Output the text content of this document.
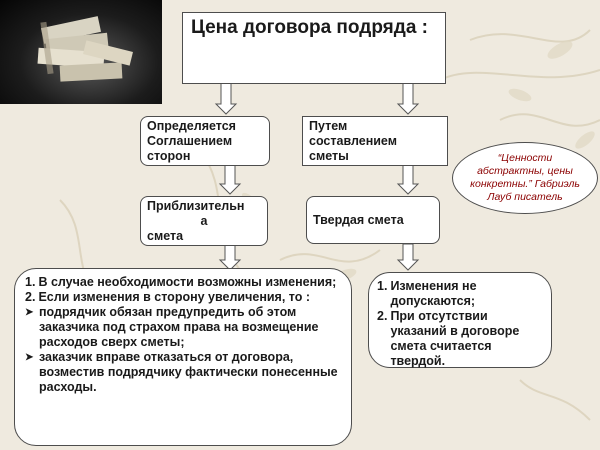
Цена договора подряда :
Определяется
Соглашением
сторон
Путем
составлением
сметы
Приблизительн
а
смета
Твердая смета
“Ценности абстрактны, цены конкретны.” Габриэль Лауб писатель
1. В случае необходимости возможны изменения;
2. Если изменения в сторону увеличения, то :
➤ подрядчик обязан предупредить об этом заказчика под страхом права на возмещение расходов сверх сметы;
➤ заказчик вправе отказаться от договора, возместив подрядчику фактически понесенные расходы.
1. Изменения не допускаются;
2. При отсутствии указаний в договоре смета считается твердой.
